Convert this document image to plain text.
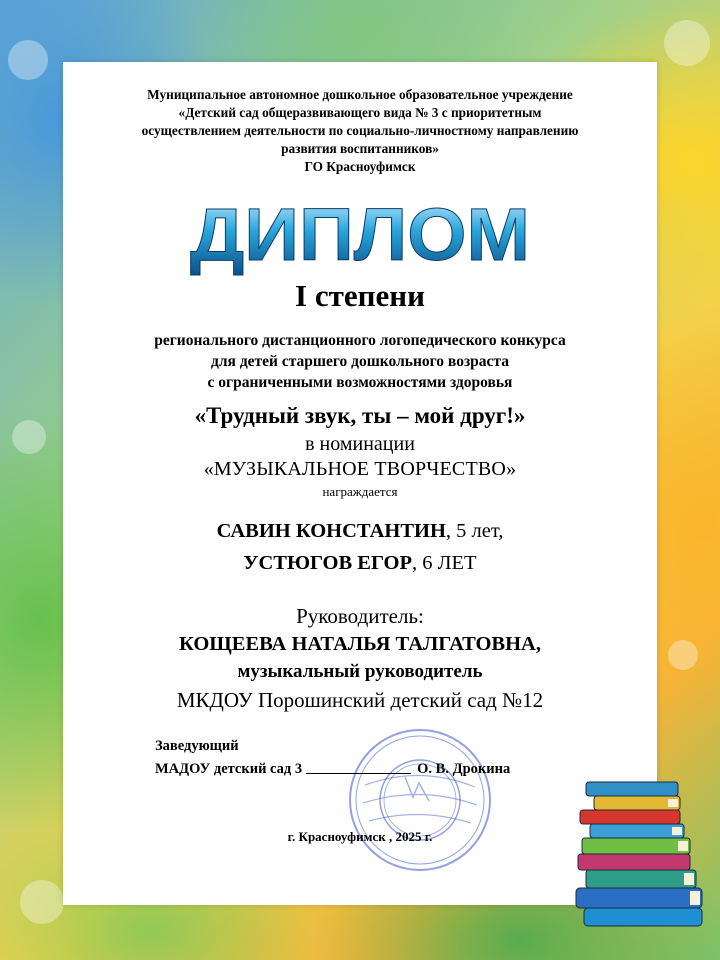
Муниципальное автономное дошкольное образовательное учреждение
«Детский сад общеразвивающего вида № 3 с приоритетным
осуществлением деятельности по социально-личностному направлению
развития воспитанников»
ГО Красноуфимск
ДИПЛОМ
I степени
регионального дистанционного логопедического конкурса
для детей старшего дошкольного возраста
с ограниченными возможностями здоровья
«Трудный звук, ты – мой друг!»
в номинации
«МУЗЫКАЛЬНОЕ ТВОРЧЕСТВО»
награждается
САВИН КОНСТАНТИН, 5 лет,
УСТЮГОВ ЕГОР, 6 ЛЕТ
Руководитель:
КОЩЕЕВА НАТАЛЬЯ ТАЛГАТОВНА,
музыкальный руководитель
МКДОУ Порошинский детский сад №12
Заведующий
МАДОУ детский сад 3	О. В. Дрокина
г. Красноуфимск , 2025 г.
